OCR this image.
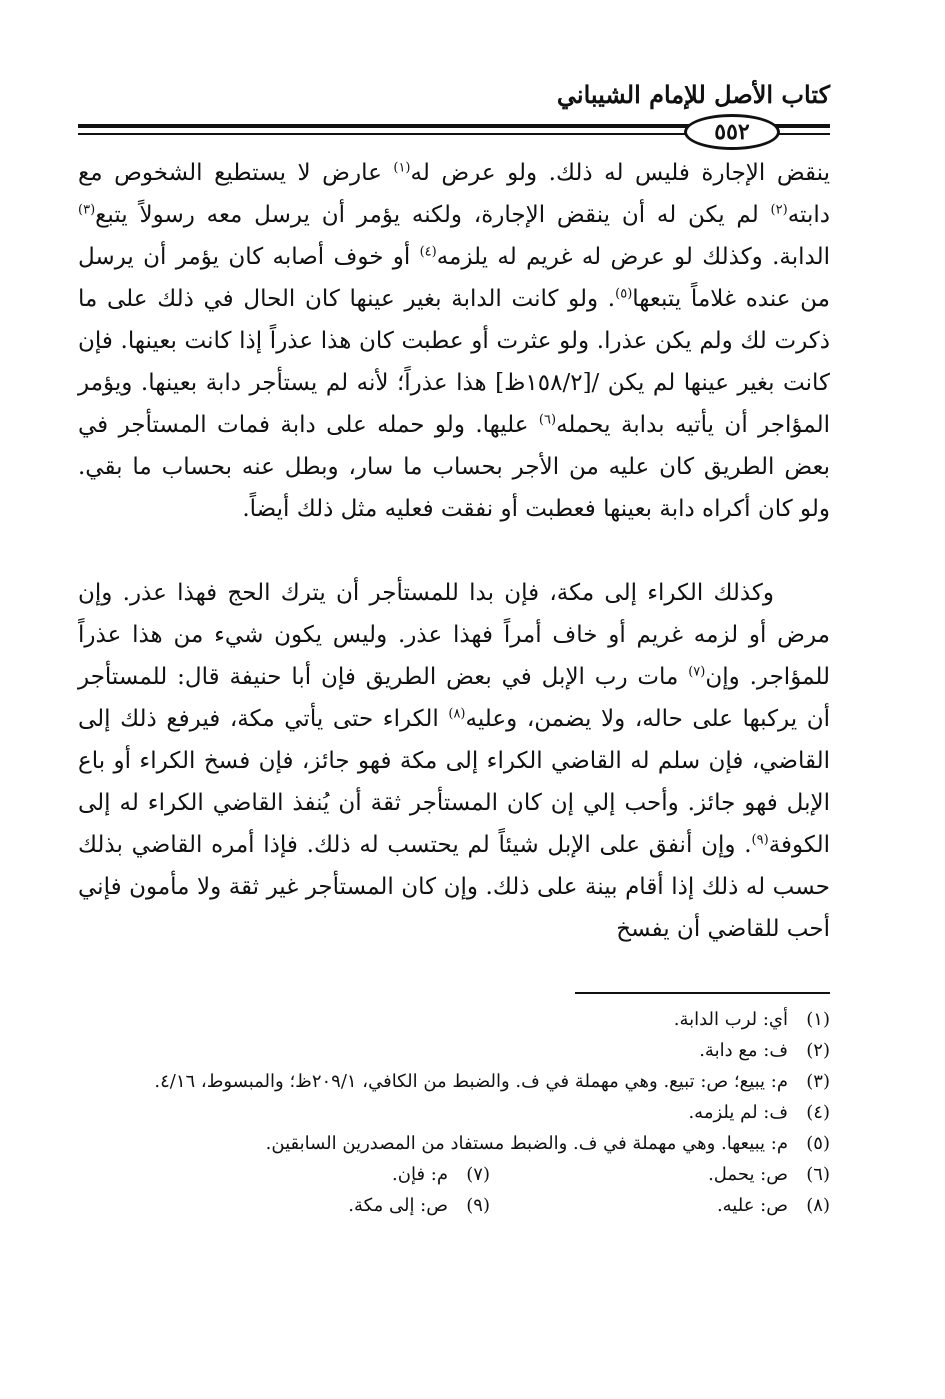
كتاب الأصل للإمام الشيباني
٥٥٢

ينقض الإجارة فليس له ذلك. ولو عرض له$^{(١)}$ عارض لا يستطيع الشخوص مع دابته$^{(٢)}$ لم يكن له أن ينقض الإجارة، ولكنه يؤمر أن يرسل معه رسولاً يتبع$^{(٣)}$ الدابة. وكذلك لو عرض له غريم له يلزمه$^{(٤)}$ أو خوف أصابه كان يؤمر أن يرسل من عنده غلاماً يتبعها$^{(٥)}$. ولو كانت الدابة بغير عينها كان الحال في ذلك على ما ذكرت لك ولم يكن عذرا. ولو عثرت أو عطبت كان هذا عذراً إذا كانت بعينها. فإن كانت بغير عينها لم يكن /[١٥٨/٢ظ] هذا عذراً؛ لأنه لم يستأجر دابة بعينها. ويؤمر المؤاجر أن يأتيه بدابة يحمله$^{(٦)}$ عليها. ولو حمله على دابة فمات المستأجر في بعض الطريق كان عليه من الأجر بحساب ما سار، وبطل عنه بحساب ما بقي. ولو كان أكراه دابة بعينها فعطبت أو نفقت فعليه مثل ذلك أيضاً.

وكذلك الكراء إلى مكة، فإن بدا للمستأجر أن يترك الحج فهذا عذر. وإن مرض أو لزمه غريم أو خاف أمراً فهذا عذر. وليس يكون شيء من هذا عذراً للمؤاجر. وإن$^{(٧)}$ مات رب الإبل في بعض الطريق فإن أبا حنيفة قال: للمستأجر أن يركبها على حاله، ولا يضمن، وعليه$^{(٨)}$ الكراء حتى يأتي مكة، فيرفع ذلك إلى القاضي، فإن سلم له القاضي الكراء إلى مكة فهو جائز، فإن فسخ الكراء أو باع الإبل فهو جائز. وأحب إلي إن كان المستأجر ثقة أن يُنفذ القاضي الكراء له إلى الكوفة$^{(٩)}$. وإن أنفق على الإبل شيئاً لم يحتسب له ذلك. فإذا أمره القاضي بذلك حسب له ذلك إذا أقام بينة على ذلك. وإن كان المستأجر غير ثقة ولا مأمون فإني أحب للقاضي أن يفسخ

(١)
أي: لرب الدابة.
(٢)
ف: مع دابة.
(٣)
م: يبيع؛ ص: تبيع. وهي مهملة في ف. والضبط من الكافي، ٢٠٩/١ظ؛ والمبسوط، ٤/١٦.
(٤)
ف: لم يلزمه.
(٥)
م: يبيعها. وهي مهملة في ف. والضبط مستفاد من المصدرين السابقين.
(٦)
ص: يحمل.
(٧)
م: فإن.
(٨)
ص: عليه.
(٩)
ص: إلى مكة.
